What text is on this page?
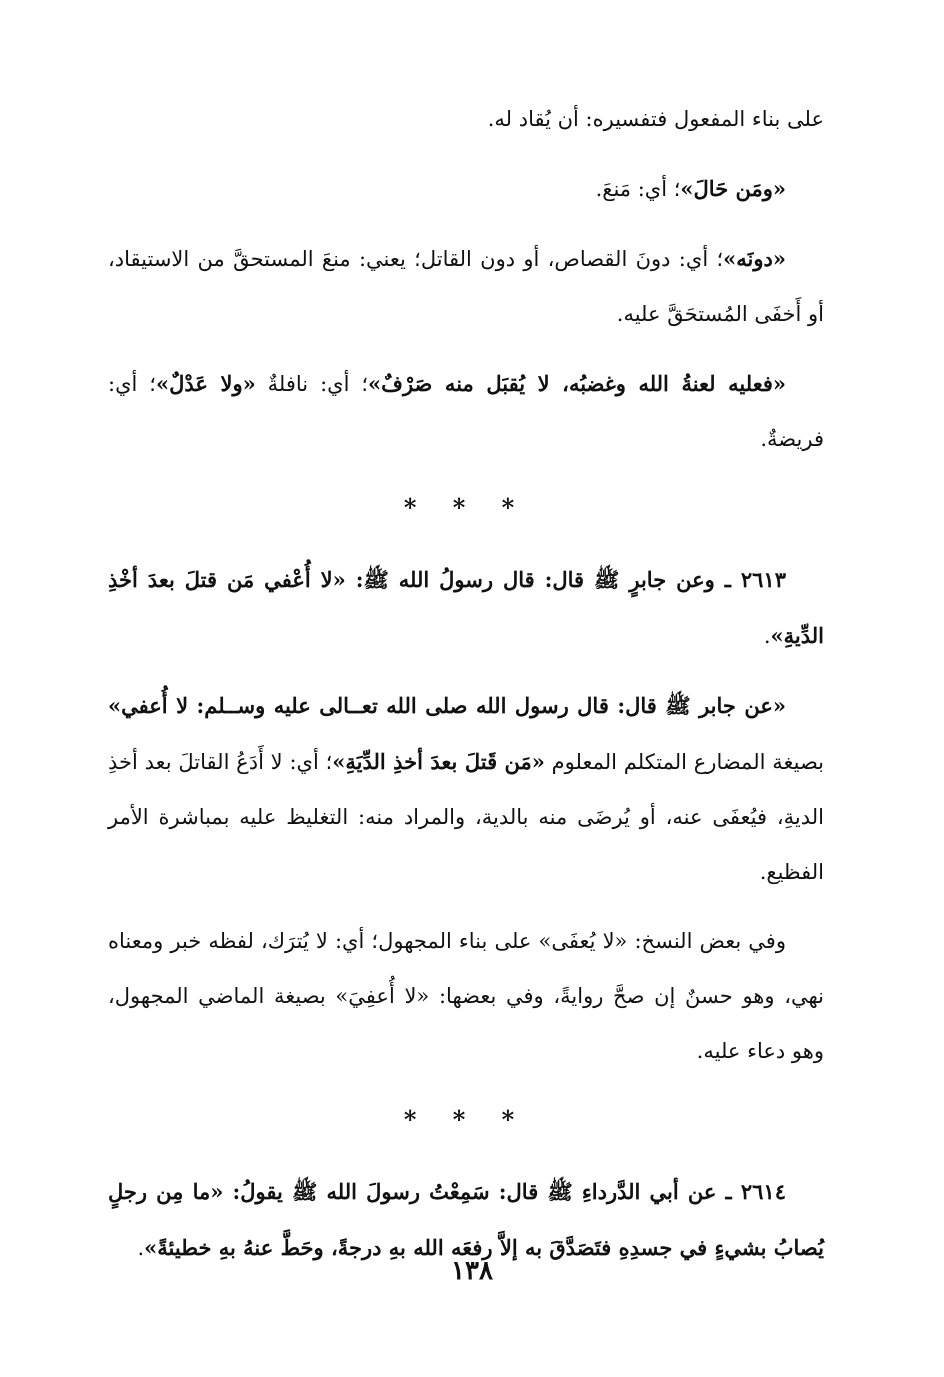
على بناء المفعول فتفسيره: أن يُقاد له.

«ومَن حَالَ»؛ أي: مَنعَ.

«دونَه»؛ أي: دونَ القصاص، أو دون القاتل؛ يعني: منعَ المستحقَّ من الاستيقاد، أو أَخفَى المُستحَقَّ عليه.

«فعليه لعنةُ الله وغضبُه، لا يُقبَل منه صَرْفٌ»؛ أي: نافلةٌ «ولا عَدْلٌ»؛ أي: فريضةٌ.

* * *

٢٦١٣ ـ وعن جابرٍ ﷺ قال: قال رسولُ الله ﷺ: «لا أُعْفي مَن قتلَ بعدَ أخْذِ الدِّيةِ».

«عن جابر ﷺ قال: قال رسول الله صلى الله تعــالى عليه وســلم: لا أُعفي» بصيغة المضارع المتكلم المعلوم «مَن قَتلَ بعدَ أخذِ الدِّيَةِ»؛ أي: لا أَدَعُ القاتلَ بعد أخذِ الديةِ، فيُعفَى عنه، أو يُرضَى منه بالدية، والمراد منه: التغليظ عليه بمباشرة الأمر الفظيع.

وفي بعض النسخ: «لا يُعفَى» على بناء المجهول؛ أي: لا يُترَك، لفظه خبر ومعناه نهي، وهو حسنٌ إن صحَّ روايةً، وفي بعضها: «لا أُعفِيَ» بصيغة الماضي المجهول، وهو دعاء عليه.

* * *

٢٦١٤ ـ عن أبي الدَّرداءِ ﷺ قال: سَمِعْتُ رسولَ الله ﷺ يقولُ: «ما مِن رجلٍ يُصابُ بشيءٍ في جسدِهِ فتَصَدَّقَ به إلاَّ رفعَه الله بهِ درجةً، وحَطَّ عنهُ بهِ خطيئةً».

١٣٨
